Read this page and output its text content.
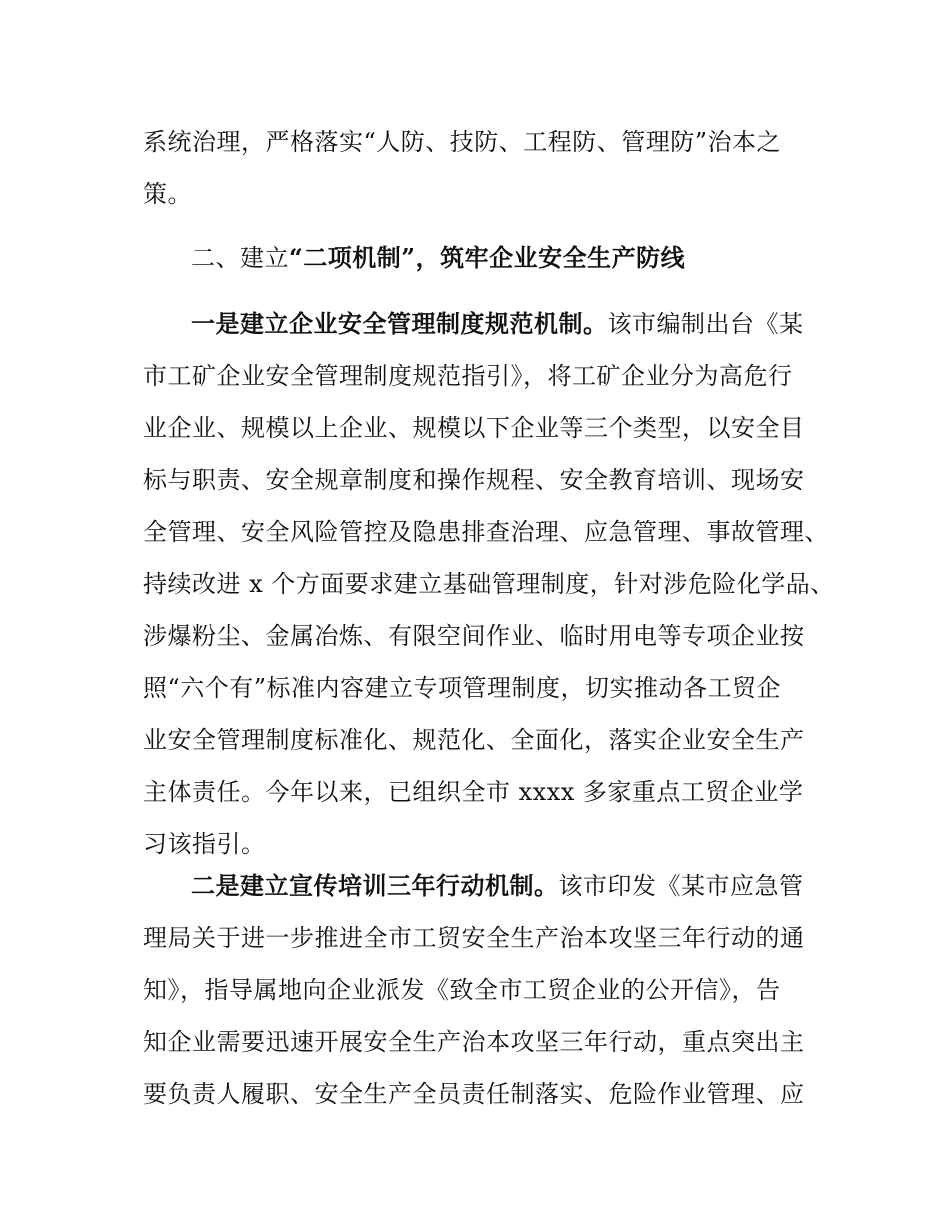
系统治理，严格落实“人防、技防、工程防、管理防”治本之
策。
二、建立“二项机制”，筑牢企业安全生产防线
一是建立企业安全管理制度规范机制。该市编制出台《某
市工矿企业安全管理制度规范指引》，将工矿企业分为高危行
业企业、规模以上企业、规模以下企业等三个类型，以安全目
标与职责、安全规章制度和操作规程、安全教育培训、现场安
全管理、安全风险管控及隐患排查治理、应急管理、事故管理、
持续改进 x 个方面要求建立基础管理制度，针对涉危险化学品、
涉爆粉尘、金属冶炼、有限空间作业、临时用电等专项企业按
照“六个有”标准内容建立专项管理制度，切实推动各工贸企
业安全管理制度标准化、规范化、全面化，落实企业安全生产
主体责任。今年以来，已组织全市 xxxx 多家重点工贸企业学
习该指引。
二是建立宣传培训三年行动机制。该市印发《某市应急管
理局关于进一步推进全市工贸安全生产治本攻坚三年行动的通
知》，指导属地向企业派发《致全市工贸企业的公开信》，告
知企业需要迅速开展安全生产治本攻坚三年行动，重点突出主
要负责人履职、安全生产全员责任制落实、危险作业管理、应
